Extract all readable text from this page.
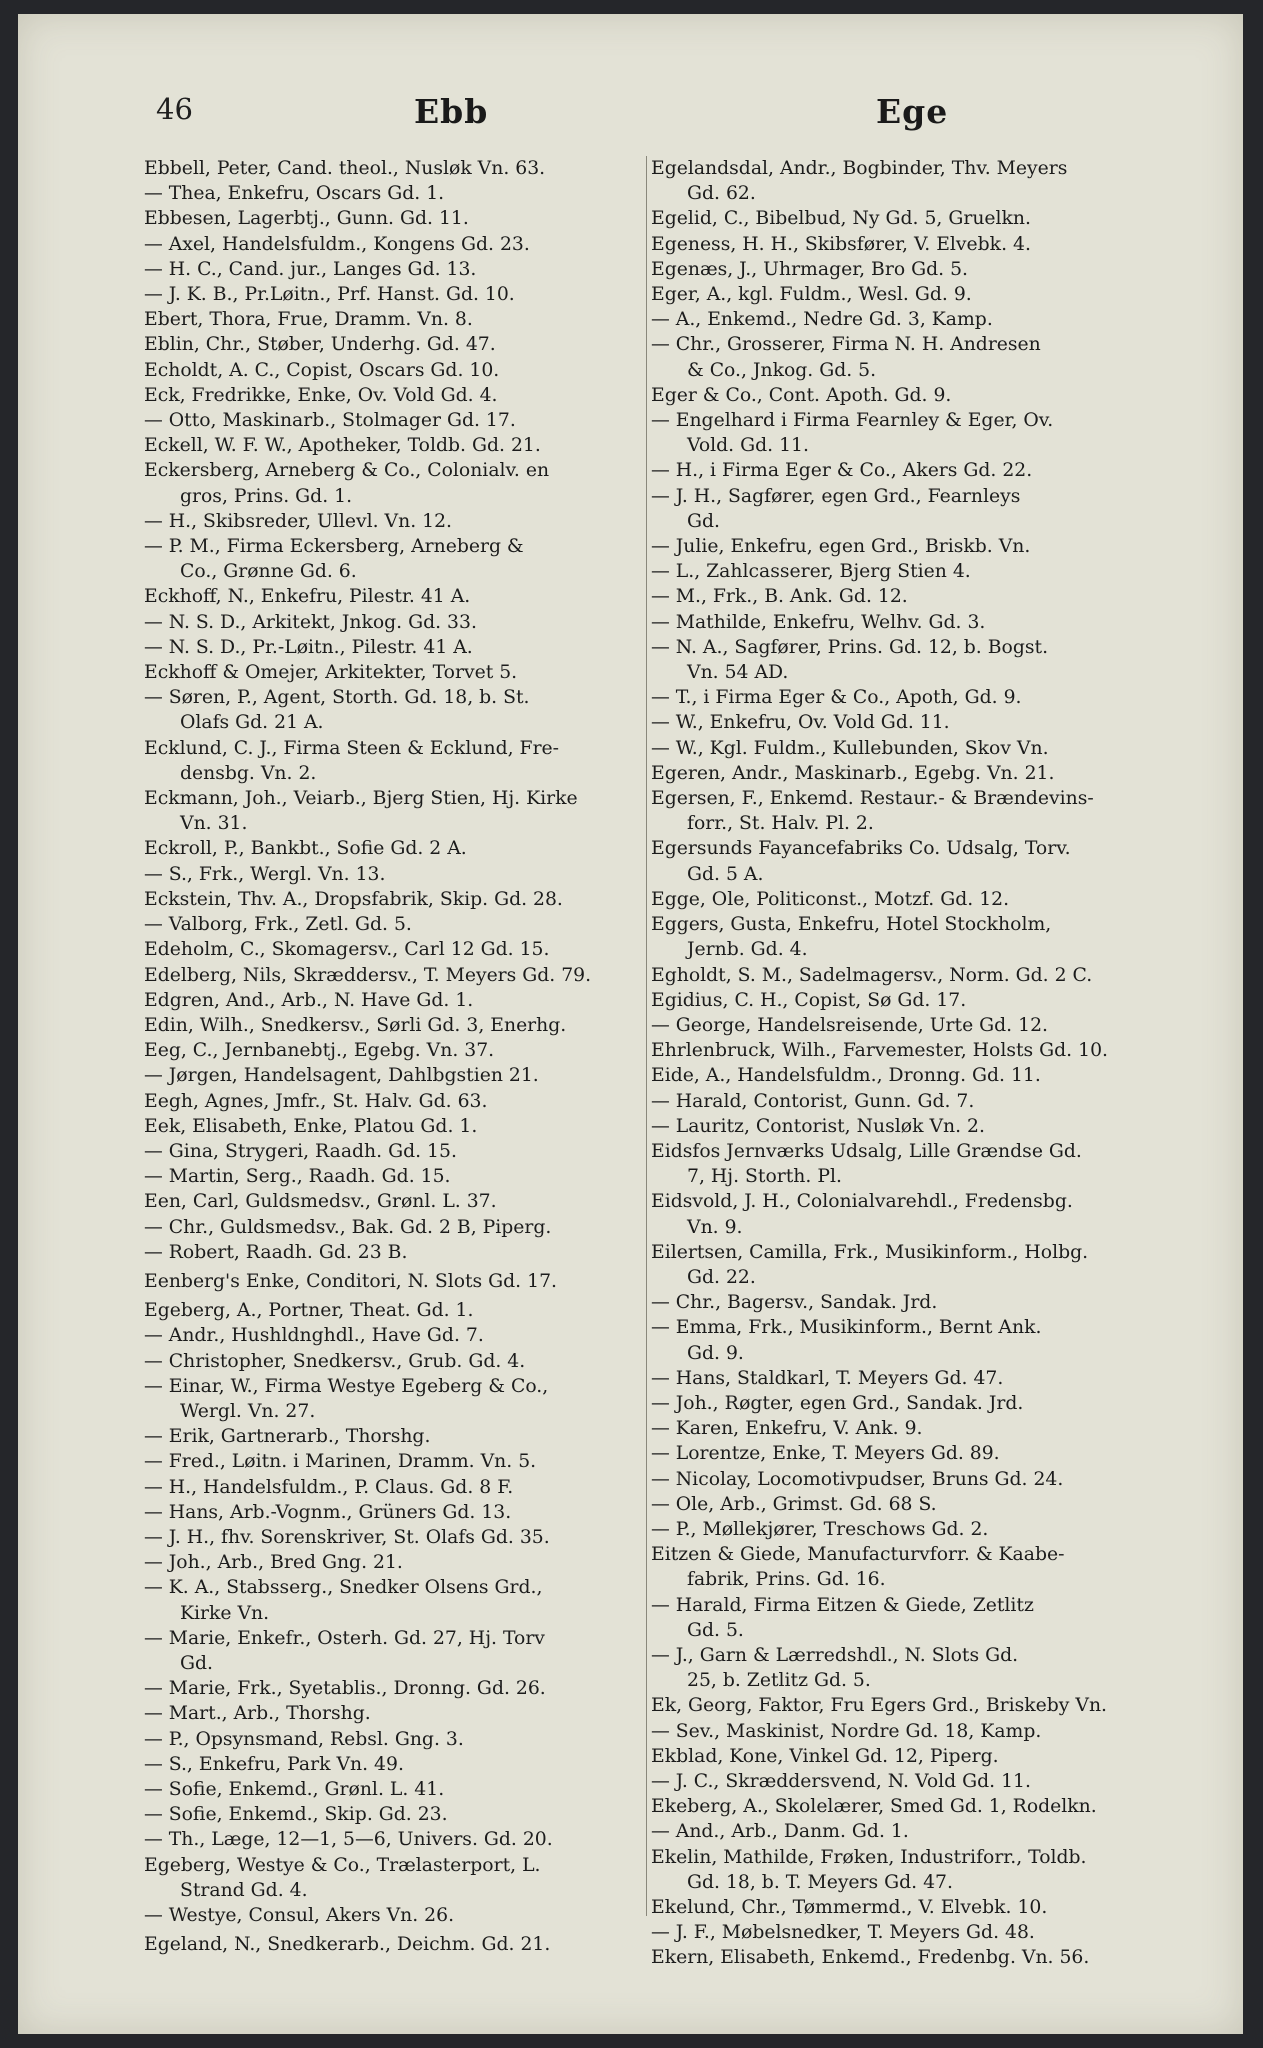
46	Ebb	Ege
Ebbell, Peter, Cand. theol., Nusløk Vn. 63.
— Thea, Enkefru, Oscars Gd. 1.
Ebbesen, Lagerbtj., Gunn. Gd. 11.
— Axel, Handelsfuldm., Kongens Gd. 23.
— H. C., Cand. jur., Langes Gd. 13.
— J. K. B., Pr.Løitn., Prf. Hanst. Gd. 10.
Ebert, Thora, Frue, Dramm. Vn. 8.
Eblin, Chr., Støber, Underhg. Gd. 47.
Echoldt, A. C., Copist, Oscars Gd. 10.
Eck, Fredrikke, Enke, Ov. Vold Gd. 4.
— Otto, Maskinarb., Stolmager Gd. 17.
Eckell, W. F. W., Apotheker, Toldb. Gd. 21.
Eckersberg, Arneberg & Co., Colonialv. en
gros, Prins. Gd. 1.
— H., Skibsreder, Ullevl. Vn. 12.
— P. M., Firma Eckersberg, Arneberg &
Co., Grønne Gd. 6.
Eckhoff, N., Enkefru, Pilestr. 41 A.
— N. S. D., Arkitekt, Jnkog. Gd. 33.
— N. S. D., Pr.-Løitn., Pilestr. 41 A.
Eckhoff & Omejer, Arkitekter, Torvet 5.
— Søren, P., Agent, Storth. Gd. 18, b. St.
Olafs Gd. 21 A.
Ecklund, C. J., Firma Steen & Ecklund, Fre-
densbg. Vn. 2.
Eckmann, Joh., Veiarb., Bjerg Stien, Hj. Kirke
Vn. 31.
Eckroll, P., Bankbt., Sofie Gd. 2 A.
— S., Frk., Wergl. Vn. 13.
Eckstein, Thv. A., Dropsfabrik, Skip. Gd. 28.
— Valborg, Frk., Zetl. Gd. 5.
Edeholm, C., Skomagersv., Carl 12 Gd. 15.
Edelberg, Nils, Skræddersv., T. Meyers Gd. 79.
Edgren, And., Arb., N. Have Gd. 1.
Edin, Wilh., Snedkersv., Sørli Gd. 3, Enerhg.
Eeg, C., Jernbanebtj., Egebg. Vn. 37.
— Jørgen, Handelsagent, Dahlbgstien 21.
Eegh, Agnes, Jmfr., St. Halv. Gd. 63.
Eek, Elisabeth, Enke, Platou Gd. 1.
— Gina, Strygeri, Raadh. Gd. 15.
— Martin, Serg., Raadh. Gd. 15.
Een, Carl, Guldsmedsv., Grønl. L. 37.
— Chr., Guldsmedsv., Bak. Gd. 2 B, Piperg.
— Robert, Raadh. Gd. 23 B.
Eenberg's Enke, Conditori, N. Slots Gd. 17.
Egeberg, A., Portner, Theat. Gd. 1.
— Andr., Hushldnghdl., Have Gd. 7.
— Christopher, Snedkersv., Grub. Gd. 4.
— Einar, W., Firma Westye Egeberg & Co.,
Wergl. Vn. 27.
— Erik, Gartnerarb., Thorshg.
— Fred., Løitn. i Marinen, Dramm. Vn. 5.
— H., Handelsfuldm., P. Claus. Gd. 8 F.
— Hans, Arb.-Vognm., Grüners Gd. 13.
— J. H., fhv. Sorenskriver, St. Olafs Gd. 35.
— Joh., Arb., Bred Gng. 21.
— K. A., Stabsserg., Snedker Olsens Grd.,
Kirke Vn.
— Marie, Enkefr., Osterh. Gd. 27, Hj. Torv
Gd.
— Marie, Frk., Syetablis., Dronng. Gd. 26.
— Mart., Arb., Thorshg.
— P., Opsynsmand, Rebsl. Gng. 3.
— S., Enkefru, Park Vn. 49.
— Sofie, Enkemd., Grønl. L. 41.
— Sofie, Enkemd., Skip. Gd. 23.
— Th., Læge, 12—1, 5—6, Univers. Gd. 20.
Egeberg, Westye & Co., Trælasterport, L.
Strand Gd. 4.
— Westye, Consul, Akers Vn. 26.
Egeland, N., Snedkerarb., Deichm. Gd. 21.
Egelandsdal, Andr., Bogbinder, Thv. Meyers
Gd. 62.
Egelid, C., Bibelbud, Ny Gd. 5, Gruelkn.
Egeness, H. H., Skibsfører, V. Elvebk. 4.
Egenæs, J., Uhrmager, Bro Gd. 5.
Eger, A., kgl. Fuldm., Wesl. Gd. 9.
— A., Enkemd., Nedre Gd. 3, Kamp.
— Chr., Grosserer, Firma N. H. Andresen
& Co., Jnkog. Gd. 5.
Eger & Co., Cont. Apoth. Gd. 9.
— Engelhard i Firma Fearnley & Eger, Ov.
Vold. Gd. 11.
— H., i Firma Eger & Co., Akers Gd. 22.
— J. H., Sagfører, egen Grd., Fearnleys
Gd.
— Julie, Enkefru, egen Grd., Briskb. Vn.
— L., Zahlcasserer, Bjerg Stien 4.
— M., Frk., B. Ank. Gd. 12.
— Mathilde, Enkefru, Welhv. Gd. 3.
— N. A., Sagfører, Prins. Gd. 12, b. Bogst.
Vn. 54 AD.
— T., i Firma Eger & Co., Apoth, Gd. 9.
— W., Enkefru, Ov. Vold Gd. 11.
— W., Kgl. Fuldm., Kullebunden, Skov Vn.
Egeren, Andr., Maskinarb., Egebg. Vn. 21.
Egersen, F., Enkemd. Restaur.- & Brændevins-
forr., St. Halv. Pl. 2.
Egersunds Fayancefabriks Co. Udsalg, Torv.
Gd. 5 A.
Egge, Ole, Politiconst., Motzf. Gd. 12.
Eggers, Gusta, Enkefru, Hotel Stockholm,
Jernb. Gd. 4.
Egholdt, S. M., Sadelmagersv., Norm. Gd. 2 C.
Egidius, C. H., Copist, Sø Gd. 17.
— George, Handelsreisende, Urte Gd. 12.
Ehrlenbruck, Wilh., Farvemester, Holsts Gd. 10.
Eide, A., Handelsfuldm., Dronng. Gd. 11.
— Harald, Contorist, Gunn. Gd. 7.
— Lauritz, Contorist, Nusløk Vn. 2.
Eidsfos Jernværks Udsalg, Lille Grændse Gd.
7, Hj. Storth. Pl.
Eidsvold, J. H., Colonialvarehdl., Fredensbg.
Vn. 9.
Eilertsen, Camilla, Frk., Musikinform., Holbg.
Gd. 22.
— Chr., Bagersv., Sandak. Jrd.
— Emma, Frk., Musikinform., Bernt Ank.
Gd. 9.
— Hans, Staldkarl, T. Meyers Gd. 47.
— Joh., Røgter, egen Grd., Sandak. Jrd.
— Karen, Enkefru, V. Ank. 9.
— Lorentze, Enke, T. Meyers Gd. 89.
— Nicolay, Locomotivpudser, Bruns Gd. 24.
— Ole, Arb., Grimst. Gd. 68 S.
— P., Møllekjører, Treschows Gd. 2.
Eitzen & Giede, Manufacturvforr. & Kaabe-
fabrik, Prins. Gd. 16.
— Harald, Firma Eitzen & Giede, Zetlitz
Gd. 5.
— J., Garn & Lærredshdl., N. Slots Gd.
25, b. Zetlitz Gd. 5.
Ek, Georg, Faktor, Fru Egers Grd., Briskeby Vn.
— Sev., Maskinist, Nordre Gd. 18, Kamp.
Ekblad, Kone, Vinkel Gd. 12, Piperg.
— J. C., Skræddersvend, N. Vold Gd. 11.
Ekeberg, A., Skolelærer, Smed Gd. 1, Rodelkn.
— And., Arb., Danm. Gd. 1.
Ekelin, Mathilde, Frøken, Industriforr., Toldb.
Gd. 18, b. T. Meyers Gd. 47.
Ekelund, Chr., Tømmermd., V. Elvebk. 10.
— J. F., Møbelsnedker, T. Meyers Gd. 48.
Ekern, Elisabeth, Enkemd., Fredenbg. Vn. 56.
